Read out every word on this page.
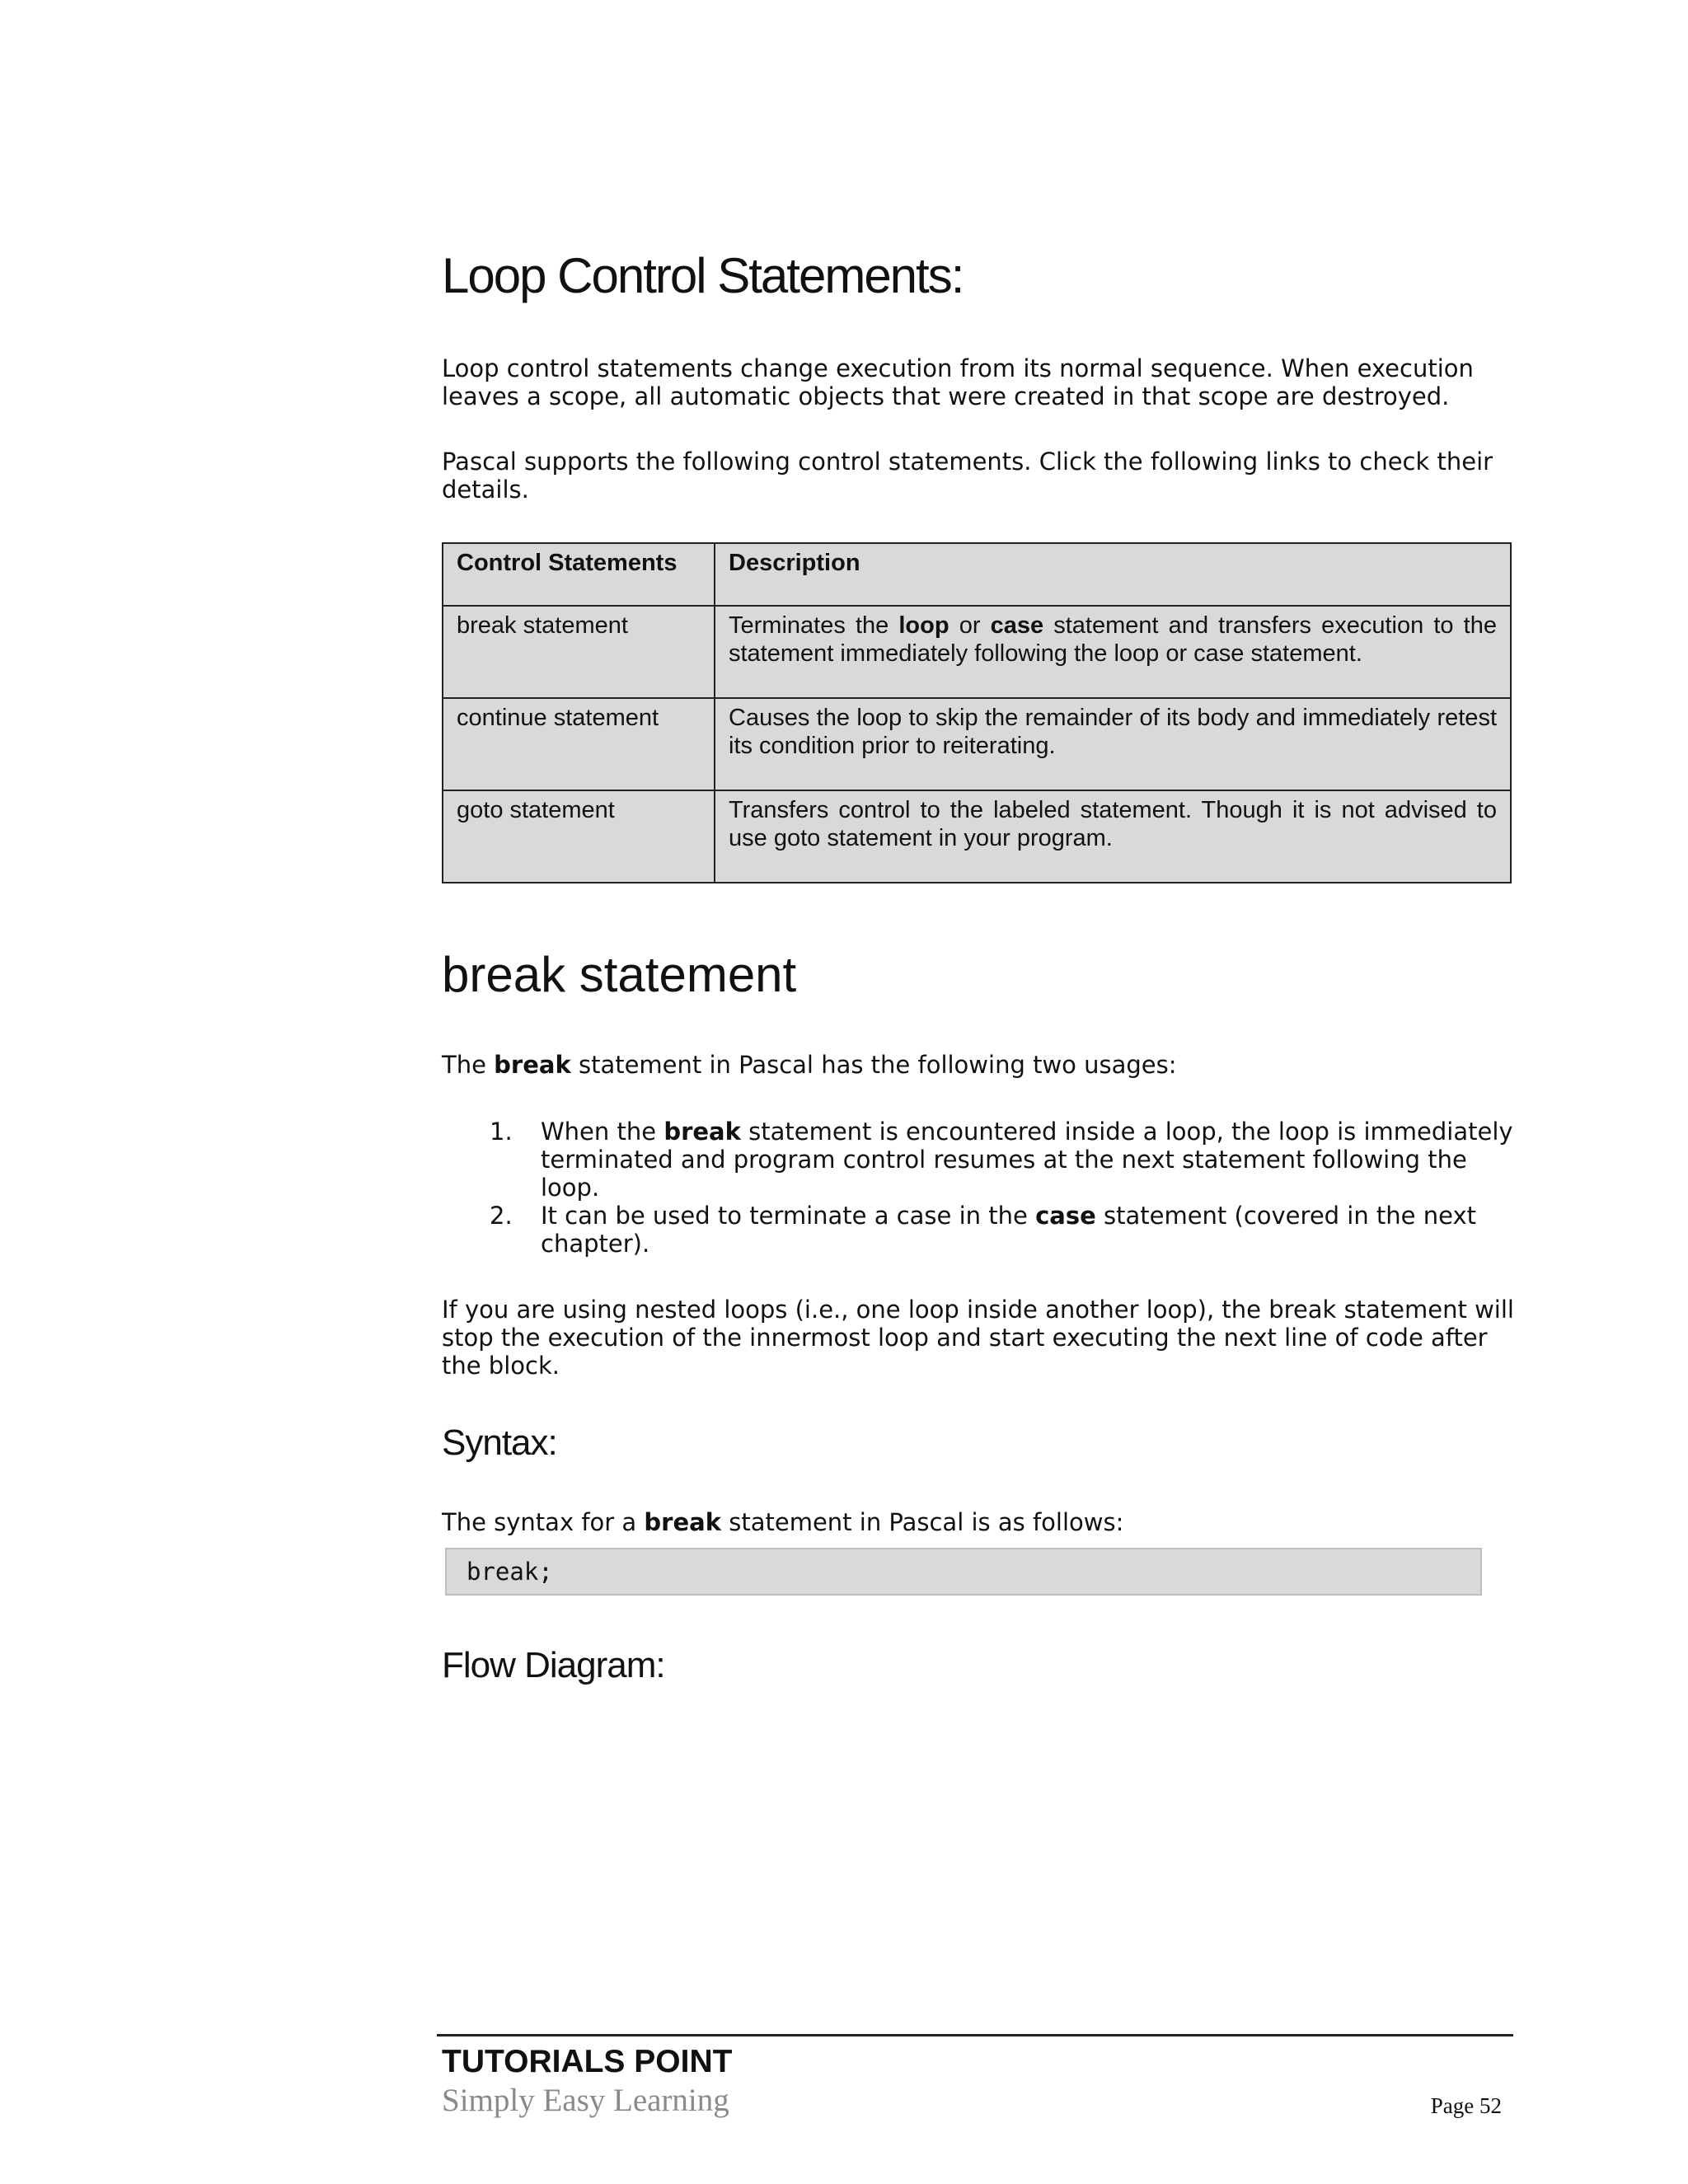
Loop Control Statements:

Loop control statements change execution from its normal sequence. When execution leaves a scope, all automatic objects that were created in that scope are destroyed.

Pascal supports the following control statements. Click the following links to check their details.

Control Statements	Description
break statement	Terminates the loop or case statement and transfers execution to the statement immediately following the loop or case statement.
continue statement	Causes the loop to skip the remainder of its body and immediately retest its condition prior to reiterating.
goto statement	Transfers control to the labeled statement. Though it is not advised to use goto statement in your program.
break statement

The break statement in Pascal has the following two usages:

1. When the break statement is encountered inside a loop, the loop is immediately terminated and program control resumes at the next statement following the loop.
2. It can be used to terminate a case in the case statement (covered in the next chapter).

If you are using nested loops (i.e., one loop inside another loop), the break statement will stop the execution of the innermost loop and start executing the next line of code after the block.

Syntax:

The syntax for a break statement in Pascal is as follows:

break;
Flow Diagram:
TUTORIALS POINT
Simply Easy Learning	Page 52
